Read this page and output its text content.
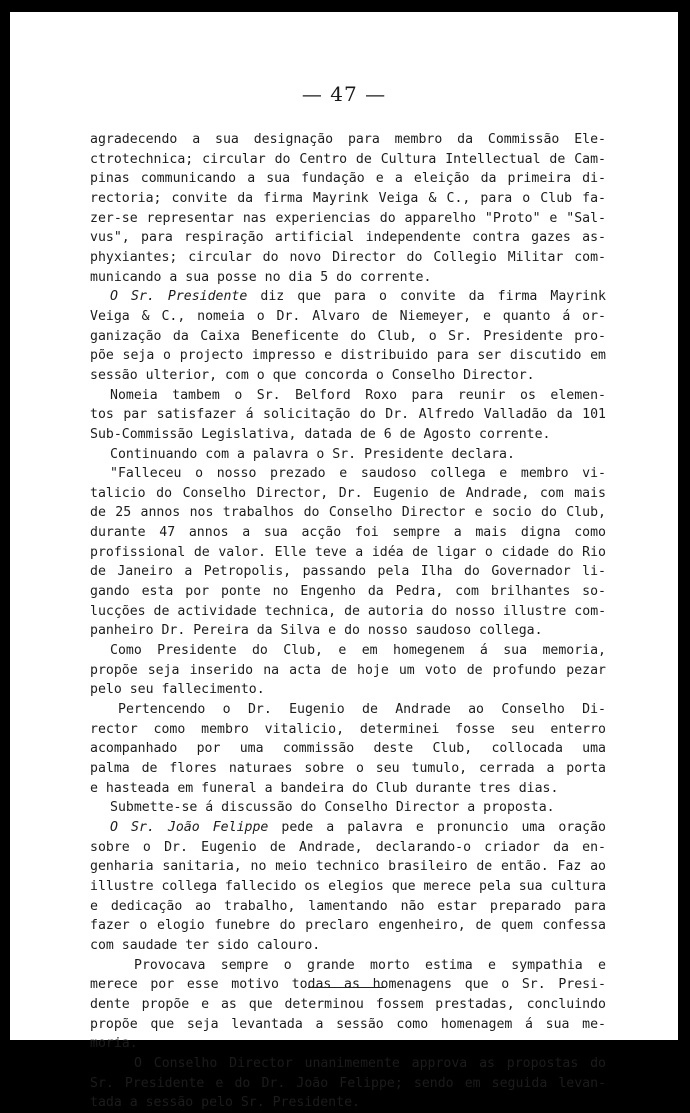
— 47 —
agradecendo a sua designação para membro da Commissão Ele-
ctrotechnica; circular do Centro de Cultura Intellectual de Cam-
pinas communicando a sua fundação e a eleição da primeira di-
rectoria; convite da firma Mayrink Veiga & C., para o Club fa-
zer-se representar nas experiencias do apparelho "Proto" e "Sal-
vus", para respiração artificial independente contra gazes as-
phyxiantes; circular do novo Director do Collegio Militar com-
municando a sua posse no dia 5 do corrente.
O Sr. Presidente diz que para o convite da firma Mayrink
Veiga & C., nomeia o Dr. Alvaro de Niemeyer, e quanto á or-
ganização da Caixa Beneficente do Club, o Sr. Presidente pro-
põe seja o projecto impresso e distribuido para ser discutido em
sessão ulterior, com o que concorda o Conselho Director.
Nomeia tambem o Sr. Belford Roxo para reunir os elemen-
tos par satisfazer á solicitação do Dr. Alfredo Valladão da 101
Sub-Commissão Legislativa, datada de 6 de Agosto corrente.
Continuando com a palavra o Sr. Presidente declara.
"Falleceu o nosso prezado e saudoso collega e membro vi-
talicio do Conselho Director, Dr. Eugenio de Andrade, com mais
de 25 annos nos trabalhos do Conselho Director e socio do Club,
durante 47 annos a sua acção foi sempre a mais digna como
profissional de valor. Elle teve a idéa de ligar o cidade do Rio
de Janeiro a Petropolis, passando pela Ilha do Governador li-
gando esta por ponte no Engenho da Pedra, com brilhantes so-
lucções de actividade technica, de autoria do nosso illustre com-
panheiro Dr. Pereira da Silva e do nosso saudoso collega.
Como Presidente do Club, e em homegenem á sua memoria,
propõe seja inserido na acta de hoje um voto de profundo pezar
pelo seu fallecimento.
Pertencendo o Dr. Eugenio de Andrade ao Conselho Di-
rector como membro vitalicio, determinei fosse seu enterro
acompanhado por uma commissão deste Club, collocada uma
palma de flores naturaes sobre o seu tumulo, cerrada a porta
e hasteada em funeral a bandeira do Club durante tres dias.
Submette-se á discussão do Conselho Director a proposta.
O Sr. João Felippe pede a palavra e pronuncio uma oração
sobre o Dr. Eugenio de Andrade, declarando-o criador da en-
genharia sanitaria, no meio technico brasileiro de então. Faz ao
illustre collega fallecido os elegios que merece pela sua cultura
e dedicação ao trabalho, lamentando não estar preparado para
fazer o elogio funebre do preclaro engenheiro, de quem confessa
com saudade ter sido calouro.
Provocava sempre o grande morto estima e sympathia e
merece por esse motivo todas as homenagens que o Sr. Presi-
dente propõe e as que determinou fossem prestadas, concluindo
propõe que seja levantada a sessão como homenagem á sua me-
moria.
O Conselho Director unanimemente approva as propostas do
Sr. Presidente e do Dr. João Felippe; sendo em seguida levan-
tada a sessão pelo Sr. Presidente.
